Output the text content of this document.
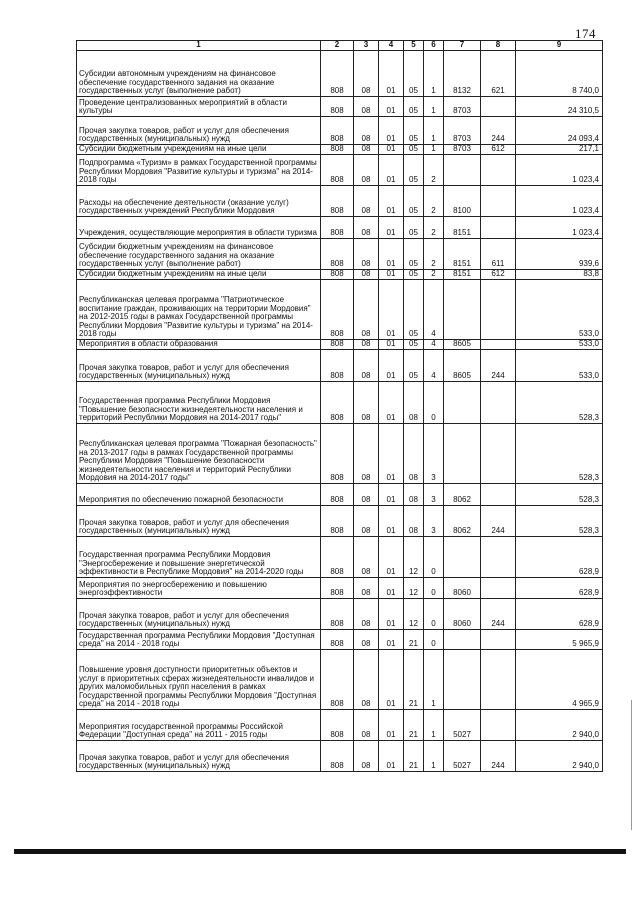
174
1	2	3	4	5	6	7	8	9
Субсидии автономным учреждениям на финансовое обеспечение государственного задания на оказание государственных услуг (выполнение работ)	808	08	01	05	1	8132	621	8 740,0
Проведение централизованных мероприятий в области культуры	808	08	01	05	1	8703		24 310,5
Прочая закупка товаров, работ и услуг для обеспечения государственных (муниципальных) нужд	808	08	01	05	1	8703	244	24 093,4
Субсидии бюджетным учреждениям на иные цели	808	08	01	05	1	8703	612	217,1
Подпрограмма «Туризм» в рамках Государственной программы Республики Мордовия "Развитие культуры и туризма" на 2014-2018 годы	808	08	01	05	2			1 023,4
Расходы на обеспечение деятельности (оказание услуг) государственных учреждений Республики Мордовия	808	08	01	05	2	8100		1 023,4
Учреждения, осуществляющие мероприятия в области туризма	808	08	01	05	2	8151		1 023,4
Субсидии бюджетным учреждениям на финансовое обеспечение государственного задания на оказание государственных услуг (выполнение работ)	808	08	01	05	2	8151	611	939,6
Субсидии бюджетным учреждениям на иные цели	808	08	01	05	2	8151	612	83,8
Республиканская целевая программа "Патриотическое воспитание граждан, проживающих на территории Мордовия" на 2012-2015 годы в рамках Государственной программы Республики Мордовия "Развитие культуры и туризма" на 2014-2018 годы	808	08	01	05	4			533,0
Мероприятия в области образования	808	08	01	05	4	8605		533,0
Прочая закупка товаров, работ и услуг для обеспечения государственных (муниципальных) нужд	808	08	01	05	4	8605	244	533,0
Государственная программа Республики Мордовия "Повышение безопасности жизнедеятельности населения и территорий Республики Мордовия на 2014-2017 годы"	808	08	01	08	0			528,3
Республиканская целевая программа "Пожарная безопасность" на 2013-2017 годы в рамках Государственной программы Республики Мордовия "Повышение безопасности жизнедеятельности населения и территорий Республики Мордовия на 2014-2017 годы"	808	08	01	08	3			528,3
Мероприятия по обеспечению пожарной безопасности	808	08	01	08	3	8062		528,3
Прочая закупка товаров, работ и услуг для обеспечения государственных (муниципальных) нужд	808	08	01	08	3	8062	244	528,3
Государственная программа Республики Мордовия "Энергосбережение и повышение энергетической эффективности в Республике Мордовия" на 2014-2020 годы	808	08	01	12	0			628,9
Мероприятия по энергосбережению и повышению энергоэффективности	808	08	01	12	0	8060		628,9
Прочая закупка товаров, работ и услуг для обеспечения государственных (муниципальных) нужд	808	08	01	12	0	8060	244	628,9
Государственная программа Республики Мордовия "Доступная среда" на 2014 - 2018 годы	808	08	01	21	0			5 965,9
Повышение уровня доступности приоритетных объектов и услуг в приоритетных сферах жизнедеятельности инвалидов и других маломобильных групп населения в рамках Государственной программы Республики Мордовия "Доступная среда" на 2014 - 2018 годы	808	08	01	21	1			4 965,9
Мероприятия государственной программы Российской Федерации "Доступная среда" на 2011 - 2015 годы	808	08	01	21	1	5027		2 940,0
Прочая закупка товаров, работ и услуг для обеспечения государственных (муниципальных) нужд	808	08	01	21	1	5027	244	2 940,0
